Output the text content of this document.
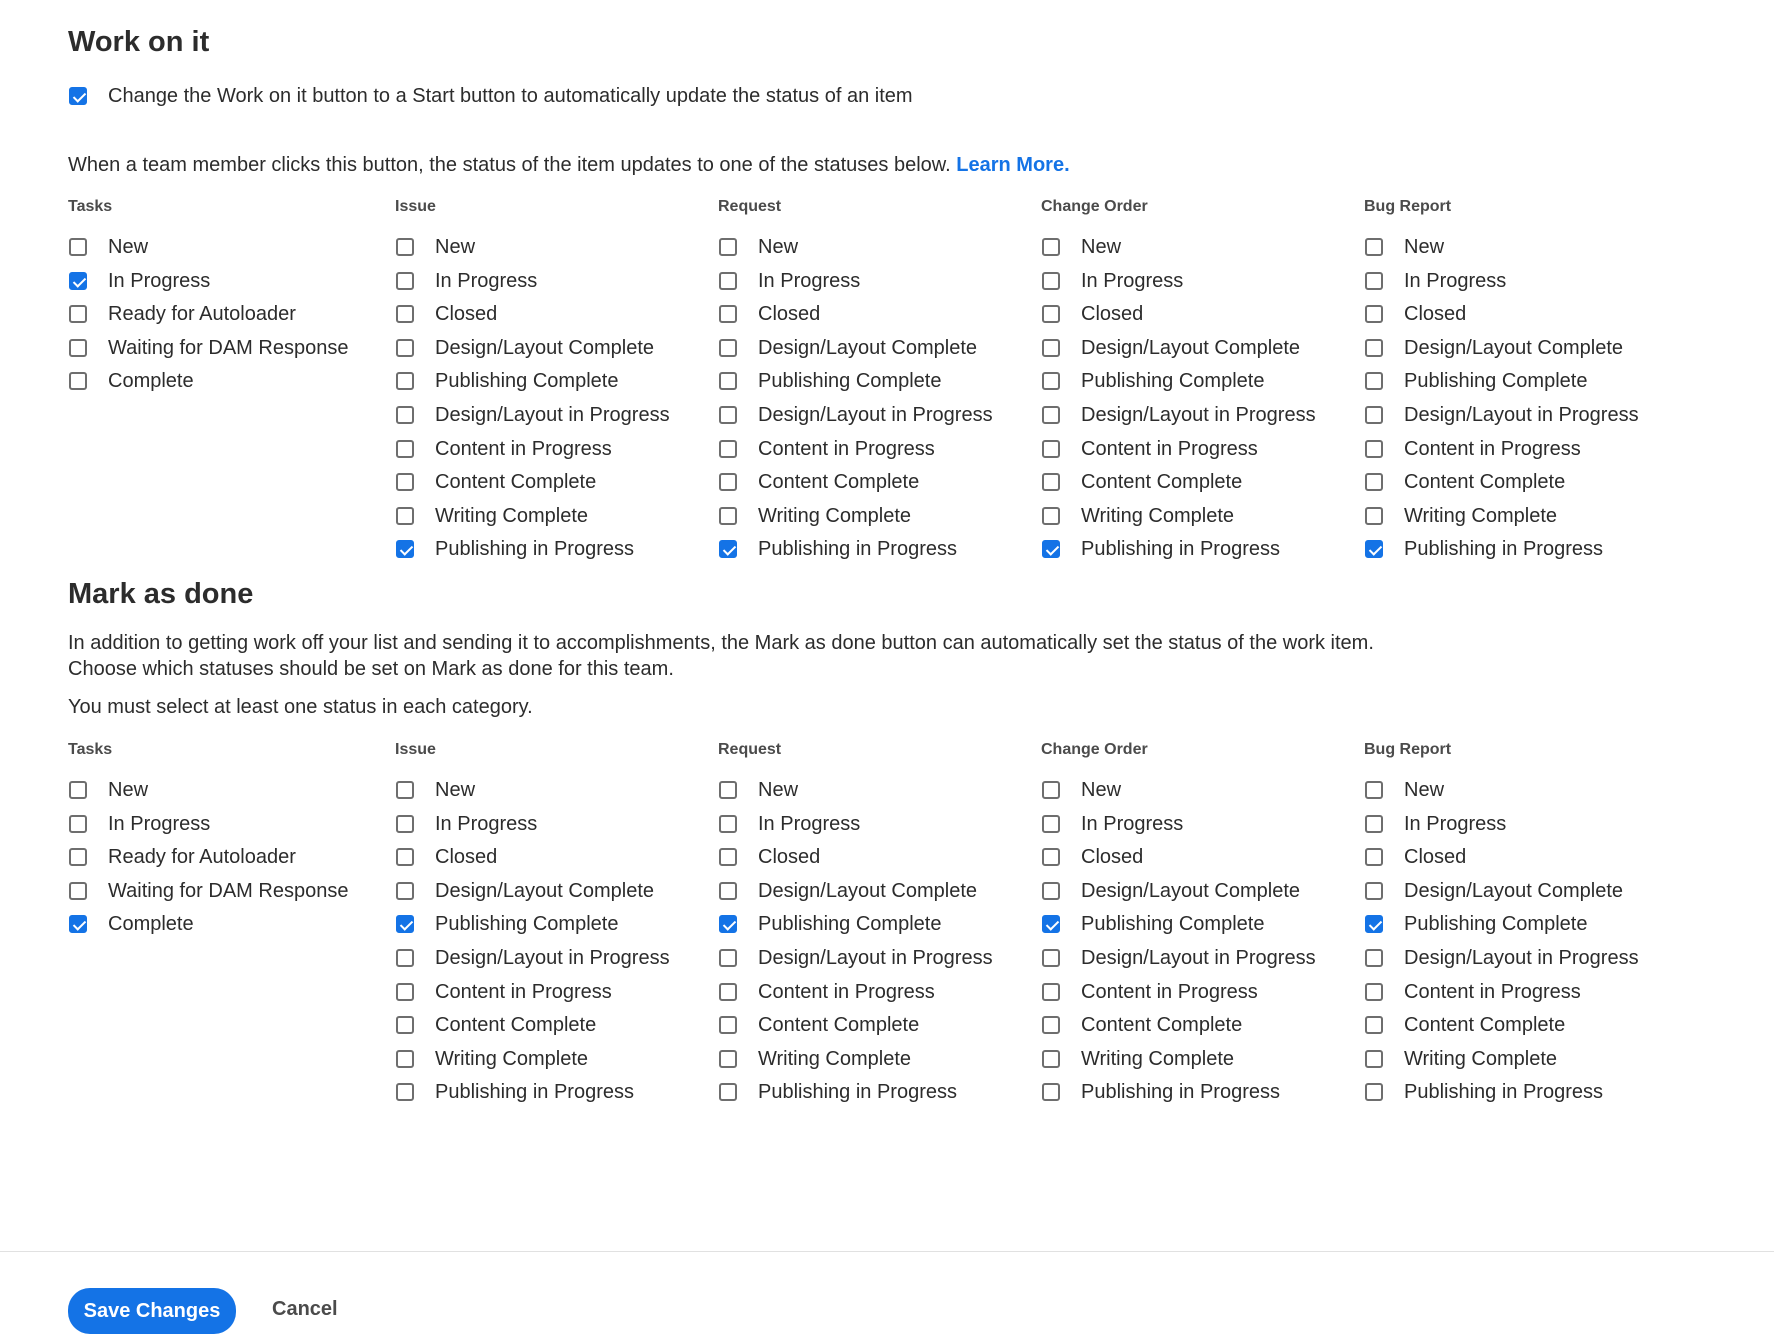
Work on it
Change the Work on it button to a Start button to automatically update the status of an item

When a team member clicks this button, the status of the item updates to one of the statuses below. Learn More.

Tasks
New
In Progress
Ready for Autoloader
Waiting for DAM Response
Complete
Issue
New
In Progress
Closed
Design/Layout Complete
Publishing Complete
Design/Layout in Progress
Content in Progress
Content Complete
Writing Complete
Publishing in Progress
Request
New
In Progress
Closed
Design/Layout Complete
Publishing Complete
Design/Layout in Progress
Content in Progress
Content Complete
Writing Complete
Publishing in Progress
Change Order
New
In Progress
Closed
Design/Layout Complete
Publishing Complete
Design/Layout in Progress
Content in Progress
Content Complete
Writing Complete
Publishing in Progress
Bug Report
New
In Progress
Closed
Design/Layout Complete
Publishing Complete
Design/Layout in Progress
Content in Progress
Content Complete
Writing Complete
Publishing in Progress
Mark as done

In addition to getting work off your list and sending it to accomplishments, the Mark as done button can automatically set the status of the work item.
Choose which statuses should be set on Mark as done for this team.

You must select at least one status in each category.

Tasks
New
In Progress
Ready for Autoloader
Waiting for DAM Response
Complete
Issue
New
In Progress
Closed
Design/Layout Complete
Publishing Complete
Design/Layout in Progress
Content in Progress
Content Complete
Writing Complete
Publishing in Progress
Request
New
In Progress
Closed
Design/Layout Complete
Publishing Complete
Design/Layout in Progress
Content in Progress
Content Complete
Writing Complete
Publishing in Progress
Change Order
New
In Progress
Closed
Design/Layout Complete
Publishing Complete
Design/Layout in Progress
Content in Progress
Content Complete
Writing Complete
Publishing in Progress
Bug Report
New
In Progress
Closed
Design/Layout Complete
Publishing Complete
Design/Layout in Progress
Content in Progress
Content Complete
Writing Complete
Publishing in Progress
Save Changes	Cancel
